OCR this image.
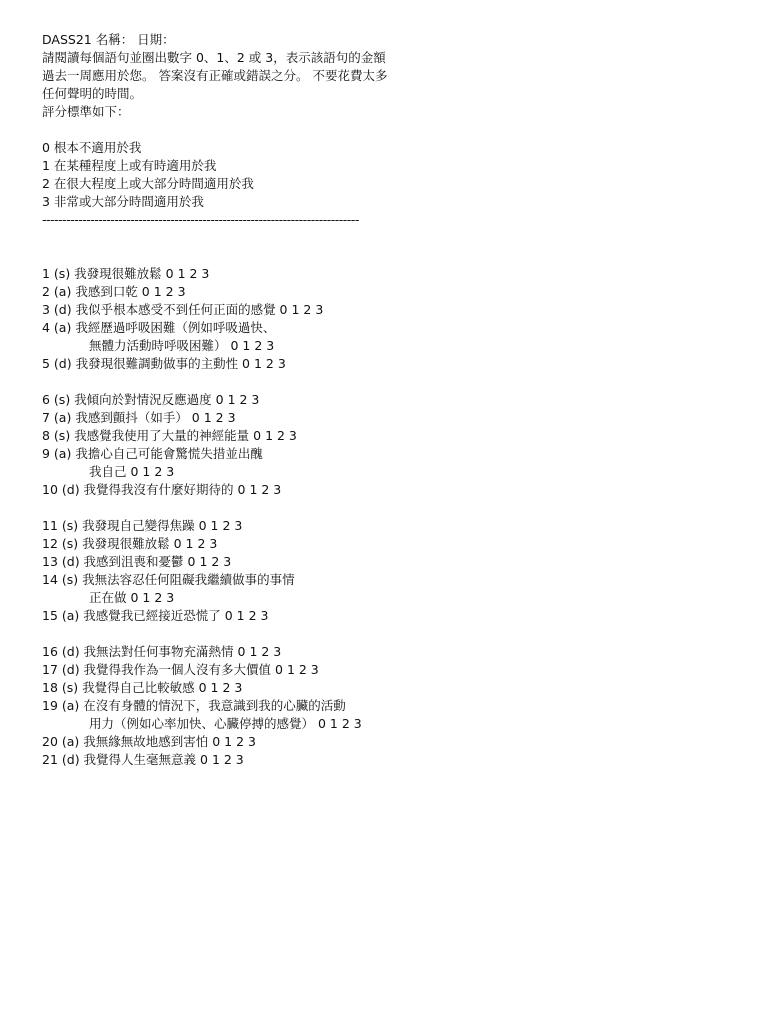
DASS21 名稱： 日期：
請閱讀每個語句並圈出數字 0、1、2 或 3，表示該語句的金額
過去一周應用於您。 答案沒有正確或錯誤之分。 不要花費太多
任何聲明的時間。
評分標準如下：
0 根本不適用於我
1 在某種程度上或有時適用於我
2 在很大程度上或大部分時間適用於我
3 非常或大部分時間適用於我
-------------------------------------------------------------------------------
1 (s) 我發現很難放鬆 0 1 2 3
2 (a) 我感到口乾 0 1 2 3
3 (d) 我似乎根本感受不到任何正面的感覺 0 1 2 3
4 (a) 我經歷過呼吸困難（例如呼吸過快、
無體力活動時呼吸困難） 0 1 2 3
5 (d) 我發現很難調動做事的主動性 0 1 2 3
6 (s) 我傾向於對情況反應過度 0 1 2 3
7 (a) 我感到顫抖（如手） 0 1 2 3
8 (s) 我感覺我使用了大量的神經能量 0 1 2 3
9 (a) 我擔心自己可能會驚慌失措並出醜
我自己 0 1 2 3
10 (d) 我覺得我沒有什麼好期待的 0 1 2 3
11 (s) 我發現自己變得焦躁 0 1 2 3
12 (s) 我發現很難放鬆 0 1 2 3
13 (d) 我感到沮喪和憂鬱 0 1 2 3
14 (s) 我無法容忍任何阻礙我繼續做事的事情
正在做 0 1 2 3
15 (a) 我感覺我已經接近恐慌了 0 1 2 3
16 (d) 我無法對任何事物充滿熱情 0 1 2 3
17 (d) 我覺得我作為一個人沒有多大價值 0 1 2 3
18 (s) 我覺得自己比較敏感 0 1 2 3
19 (a) 在沒有身體的情況下，我意識到我的心臟的活動
用力（例如心率加快、心臟停搏的感覺） 0 1 2 3
20 (a) 我無緣無故地感到害怕 0 1 2 3
21 (d) 我覺得人生毫無意義 0 1 2 3
